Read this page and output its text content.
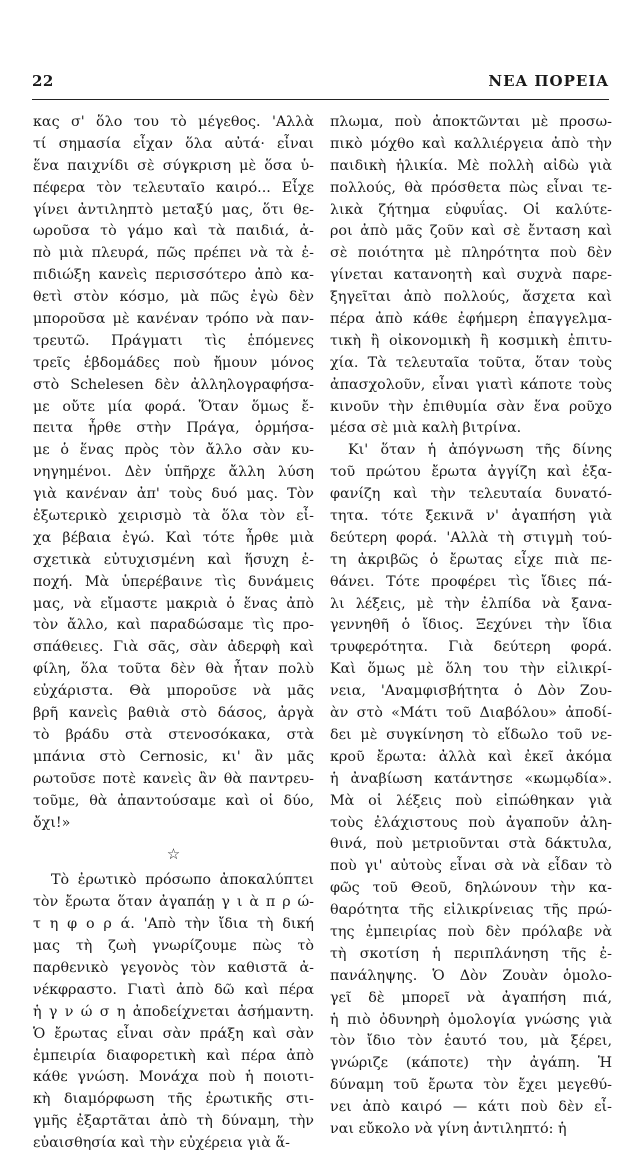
22	ΝΕΑ ΠΟΡΕΙΑ
κας σ' ὅλο του τὸ μέγεθος. 'Αλλὰ
τί σημασία εἶχαν ὅλα αὐτά· εἶναι
ἕνα παιχνίδι σὲ σύγκριση μὲ ὅσα ὑ-
πέφερα τὸν τελευταῖο καιρό... Εἶχε
γίνει ἀντιληπτὸ μεταξύ μας, ὅτι θε-
ωροῦσα τὸ γάμο καὶ τὰ παιδιά, ἀ-
πὸ μιὰ πλευρά, πῶς πρέπει νὰ τὰ ἐ-
πιδιώξη κανεὶς περισσότερο ἀπὸ κα-
θετὶ στὸν κόσμο, μὰ πῶς ἐγὼ δὲν
μποροῦσα μὲ κανέναν τρόπο νὰ παν-
τρευτῶ. Πράγματι τὶς ἑπόμενες
τρεῖς ἑβδομάδες ποὺ ἤμουν μόνος
στὸ Schelesen δὲν ἀλληλογραφήσα-
με οὔτε μία φορά. Ὅταν ὅμως ἔ-
πειτα ἦρθε στὴν Πράγα, ὁρμήσα-
με ὁ ἕνας πρὸς τὸν ἄλλο σὰν κυ-
νηγημένοι. Δὲν ὑπῆρχε ἄλλη λύση
γιὰ κανέναν ἀπ' τοὺς δυό μας. Τὸν
ἐξωτερικὸ χειρισμὸ τὰ ὅλα τὸν εἶ-
χα βέβαια ἐγώ. Καὶ τότε ἦρθε μιὰ
σχετικὰ εὐτυχισμένη καὶ ἥσυχη ἐ-
ποχή. Μὰ ὑπερέβαινε τὶς δυνάμεις
μας, νὰ εἴμαστε μακριὰ ὁ ἕνας ἀπὸ
τὸν ἄλλο, καὶ παραδώσαμε τὶς προ-
σπάθειες. Γιὰ σᾶς, σὰν ἀδερφὴ καὶ
φίλη, ὅλα τοῦτα δὲν θὰ ἦταν πολὺ
εὐχάριστα. Θὰ μποροῦσε νὰ μᾶς
βρῆ κανεὶς βαθιὰ στὸ δάσος, ἀργὰ
τὸ βράδυ στὰ στενοσόκακα, στὰ
μπάνια στὸ Cernosic, κι' ἂν μᾶς
ρωτοῦσε ποτὲ κανεὶς ἂν θὰ παντρευ-
τοῦμε, θὰ ἀπαντούσαμε καὶ οἱ δύο,
ὄχι!»
☆
Τὸ ἐρωτικὸ πρόσωπο ἀποκαλύπτει
τὸν ἔρωτα ὅταν ἀγαπάῃ γ ι ὰ π ρ ώ-
τ η φ ο ρ ά. 'Απὸ τὴν ἴδια τὴ δική
μας τὴ ζωὴ γνωρίζουμε πὼς τὸ
παρθενικὸ γεγονὸς τὸν καθιστᾶ ἀ-
νέκφραστο. Γιατὶ ἀπὸ δῶ καὶ πέρα
ἡ γ ν ώ σ η ἀποδείχνεται ἀσήμαντη.
Ὁ ἔρωτας εἶναι σὰν πράξη καὶ σὰν
ἐμπειρία διαφορετικὴ καὶ πέρα ἀπὸ
κάθε γνώση. Μονάχα ποὺ ἡ ποιοτι-
κὴ διαμόρφωση τῆς ἐρωτικῆς στι-
γμῆς ἐξαρτᾶται ἀπὸ τὴ δύναμη, τὴν
εὐαισθησία καὶ τὴν εὐχέρεια γιὰ ἅ-
πλωμα, ποὺ ἀποκτῶνται μὲ προσω-
πικὸ μόχθο καὶ καλλιέργεια ἀπὸ τὴν
παιδικὴ ἡλικία. Μὲ πολλὴ αἰδὼ γιὰ
πολλούς, θὰ πρόσθετα πὼς εἶναι τε-
λικὰ ζήτημα εὐφυΐας. Οἱ καλύτε-
ροι ἀπὸ μᾶς ζοῦν καὶ σὲ ἔνταση καὶ
σὲ ποιότητα μὲ πληρότητα ποὺ δὲν
γίνεται κατανοητὴ καὶ συχνὰ παρε-
ξηγεῖται ἀπὸ πολλούς, ἄσχετα καὶ
πέρα ἀπὸ κάθε ἐφήμερη ἐπαγγελμα-
τικὴ ἢ οἰκονομικὴ ἢ κοσμικὴ ἐπιτυ-
χία. Τὰ τελευταῖα τοῦτα, ὅταν τοὺς
ἀπασχολοῦν, εἶναι γιατὶ κάποτε τοὺς
κινοῦν τὴν ἐπιθυμία σὰν ἕνα ροῦχο
μέσα σὲ μιὰ καλὴ βιτρίνα.
Κι' ὅταν ἡ ἀπόγνωση τῆς δίνης
τοῦ πρώτου ἔρωτα ἀγγίζη καὶ ἐξα-
φανίζη καὶ τὴν τελευταία δυνατό-
τητα. τότε ξεκινᾶ ν' ἀγαπήση γιὰ
δεύτερη φορά. 'Αλλὰ τὴ στιγμὴ τού-
τη ἀκριβῶς ὁ ἔρωτας εἶχε πιὰ πε-
θάνει. Τότε προφέρει τὶς ἴδιες πά-
λι λέξεις, μὲ τὴν ἐλπίδα νὰ ξανα-
γεννηθῆ ὁ ἴδιος. Ξεχύνει τὴν ἴδια
τρυφερότητα. Γιὰ δεύτερη φορά.
Καὶ ὅμως μὲ ὅλη του τὴν εἰλικρί-
νεια, 'Αναμφισβήτητα ὁ Δὸν Ζου-
ὰν στὸ «Μάτι τοῦ Διαβόλου» ἀποδί-
δει μὲ συγκίνηση τὸ εἴδωλο τοῦ νε-
κροῦ ἔρωτα: ἀλλὰ καὶ ἐκεῖ ἀκόμα
ἡ ἀναβίωση κατάντησε «κωμῳδία».
Μὰ οἱ λέξεις ποὺ εἰπώθηκαν γιὰ
τοὺς ἐλάχιστους ποὺ ἀγαποῦν ἀλη-
θινά, ποὺ μετριοῦνται στὰ δάκτυλα,
ποὺ γι' αὐτοὺς εἶναι σὰ νὰ εἶδαν τὸ
φῶς τοῦ Θεοῦ, δηλώνουν τὴν κα-
θαρότητα τῆς εἰλικρίνειας τῆς πρώ-
της ἐμπειρίας ποὺ δὲν πρόλαβε νὰ
τὴ σκοτίση ἡ περιπλάνηση τῆς ἐ-
πανάληψης. Ὁ Δὸν Ζουὰν ὁμολο-
γεῖ δὲ μπορεῖ νὰ ἀγαπήση πιά,
ἡ πιὸ ὀδυνηρὴ ὁμολογία γνώσης γιὰ
τὸν ἴδιο τὸν ἑαυτό του, μὰ ξέρει,
γνώριζε (κάποτε) τὴν ἀγάπη. Ἡ
δύναμη τοῦ ἔρωτα τὸν ἔχει μεγεθύ-
νει ἀπὸ καιρό — κάτι ποὺ δὲν εἶ-
ναι εὔκολο νὰ γίνη ἀντιληπτό: ἡ
